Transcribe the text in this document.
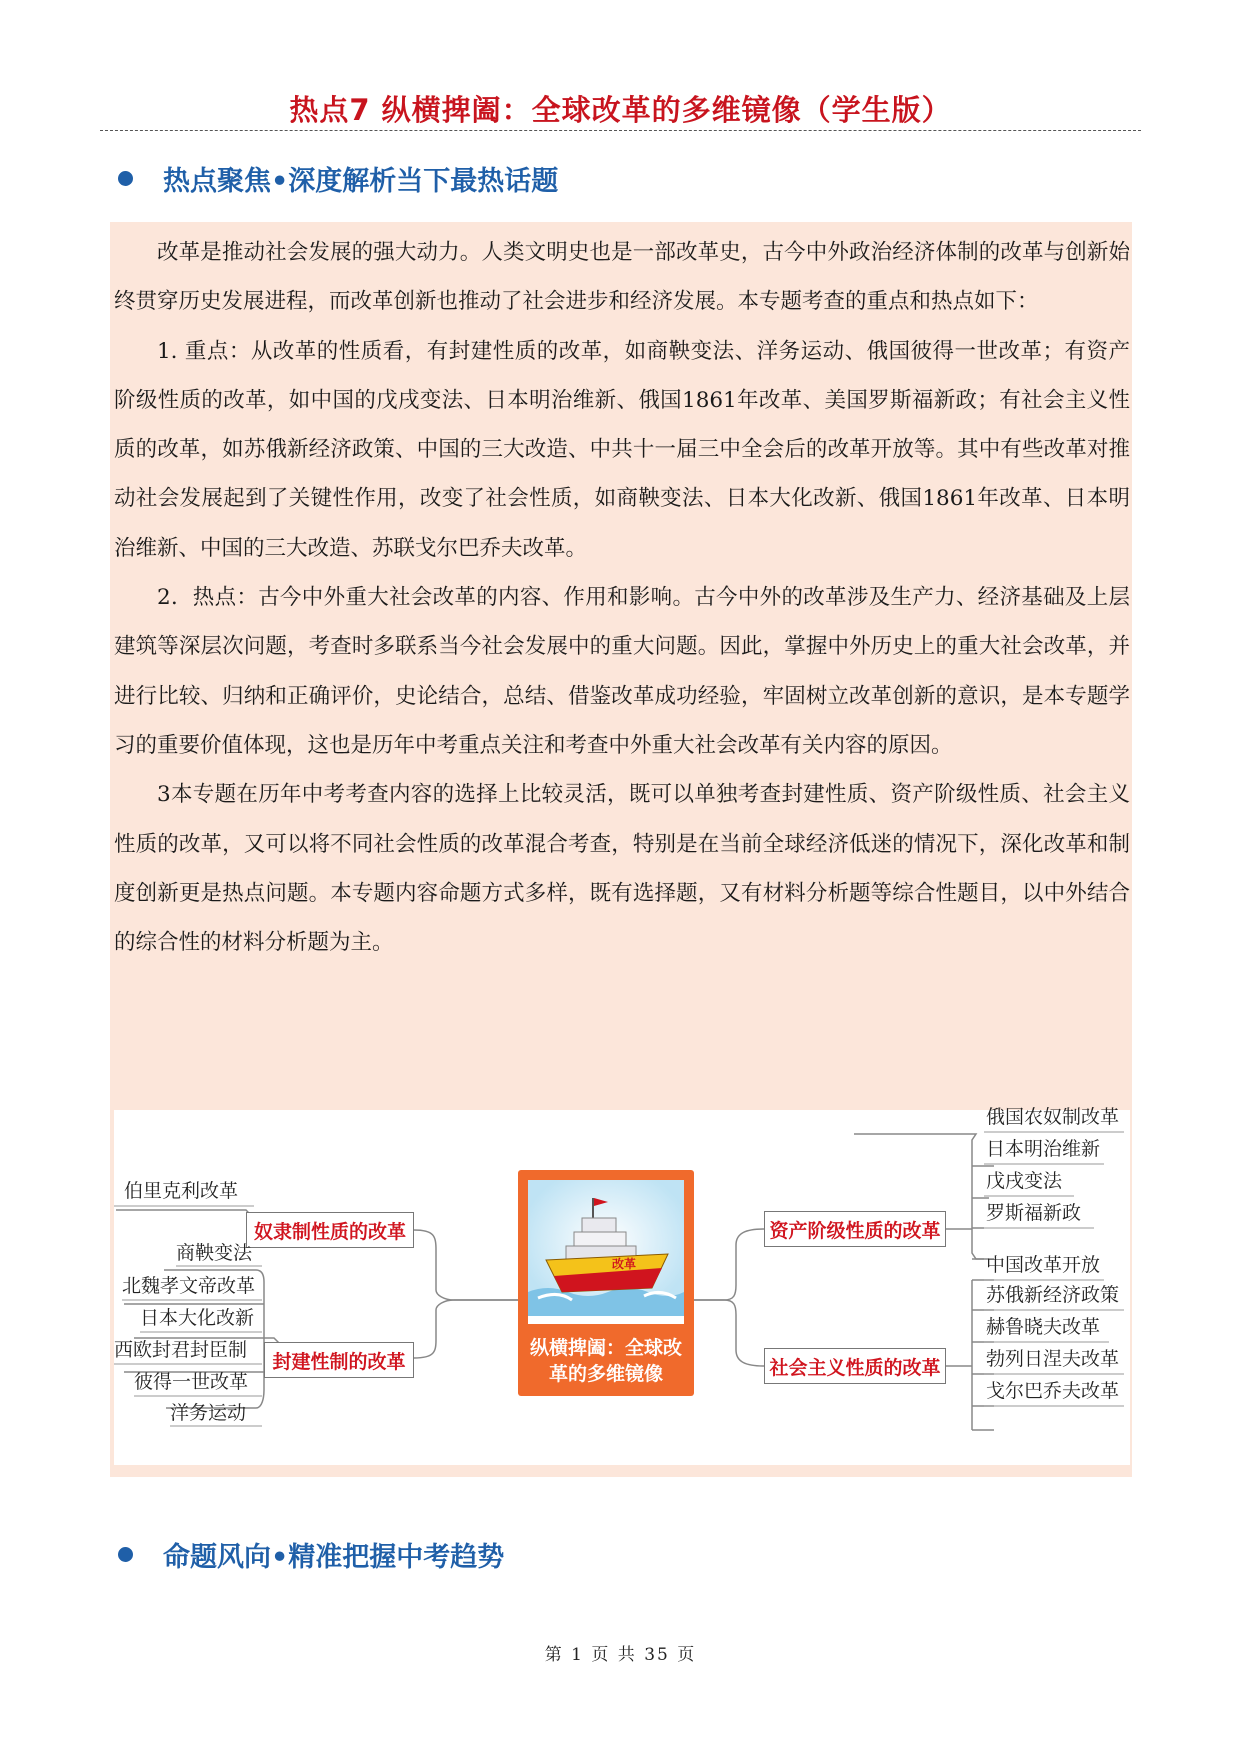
热点7 纵横捭阖：全球改革的多维镜像（学生版）
热点聚焦•深度解析当下最热话题

改革是推动社会发展的强大动力。人类文明史也是一部改革史，古今中外政治经济体制的改革与创新始终贯穿历史发展进程，而改革创新也推动了社会进步和经济发展。本专题考查的重点和热点如下：

1. 重点：从改革的性质看，有封建性质的改革，如商鞅变法、洋务运动、俄国彼得一世改革；有资产阶级性质的改革，如中国的戊戌变法、日本明治维新、俄国1861年改革、美国罗斯福新政；有社会主义性质的改革，如苏俄新经济政策、中国的三大改造、中共十一届三中全会后的改革开放等。其中有些改革对推动社会发展起到了关键性作用，改变了社会性质，如商鞅变法、日本大化改新、俄国1861年改革、日本明治维新、中国的三大改造、苏联戈尔巴乔夫改革。

2．热点：古今中外重大社会改革的内容、作用和影响。古今中外的改革涉及生产力、经济基础及上层建筑等深层次问题，考查时多联系当今社会发展中的重大问题。因此，掌握中外历史上的重大社会改革，并进行比较、归纳和正确评价，史论结合，总结、借鉴改革成功经验，牢固树立改革创新的意识，是本专题学习的重要价值体现，这也是历年中考重点关注和考查中外重大社会改革有关内容的原因。

3本专题在历年中考考查内容的选择上比较灵活，既可以单独考查封建性质、资产阶级性质、社会主义性质的改革，又可以将不同社会性质的改革混合考查，特别是在当前全球经济低迷的情况下，深化改革和制度创新更是热点问题。本专题内容命题方式多样，既有选择题，又有材料分析题等综合性题目，以中外结合的综合性的材料分析题为主。

伯里克利改革
奴隶制性质的改革
商鞅变法
北魏孝文帝改革
日本大化改新
西欧封君封臣制
彼得一世改革
洋务运动
封建性制的改革
改革
纵横捭阖：全球改革的多维镜像
资产阶级性质的改革
俄国农奴制改革
日本明治维新
戊戌变法
罗斯福新政
社会主义性质的改革
中国改革开放
苏俄新经济政策
赫鲁晓夫改革
勃列日涅夫改革
戈尔巴乔夫改革
命题风向•精准把握中考趋势
第 1 页 共 35 页
